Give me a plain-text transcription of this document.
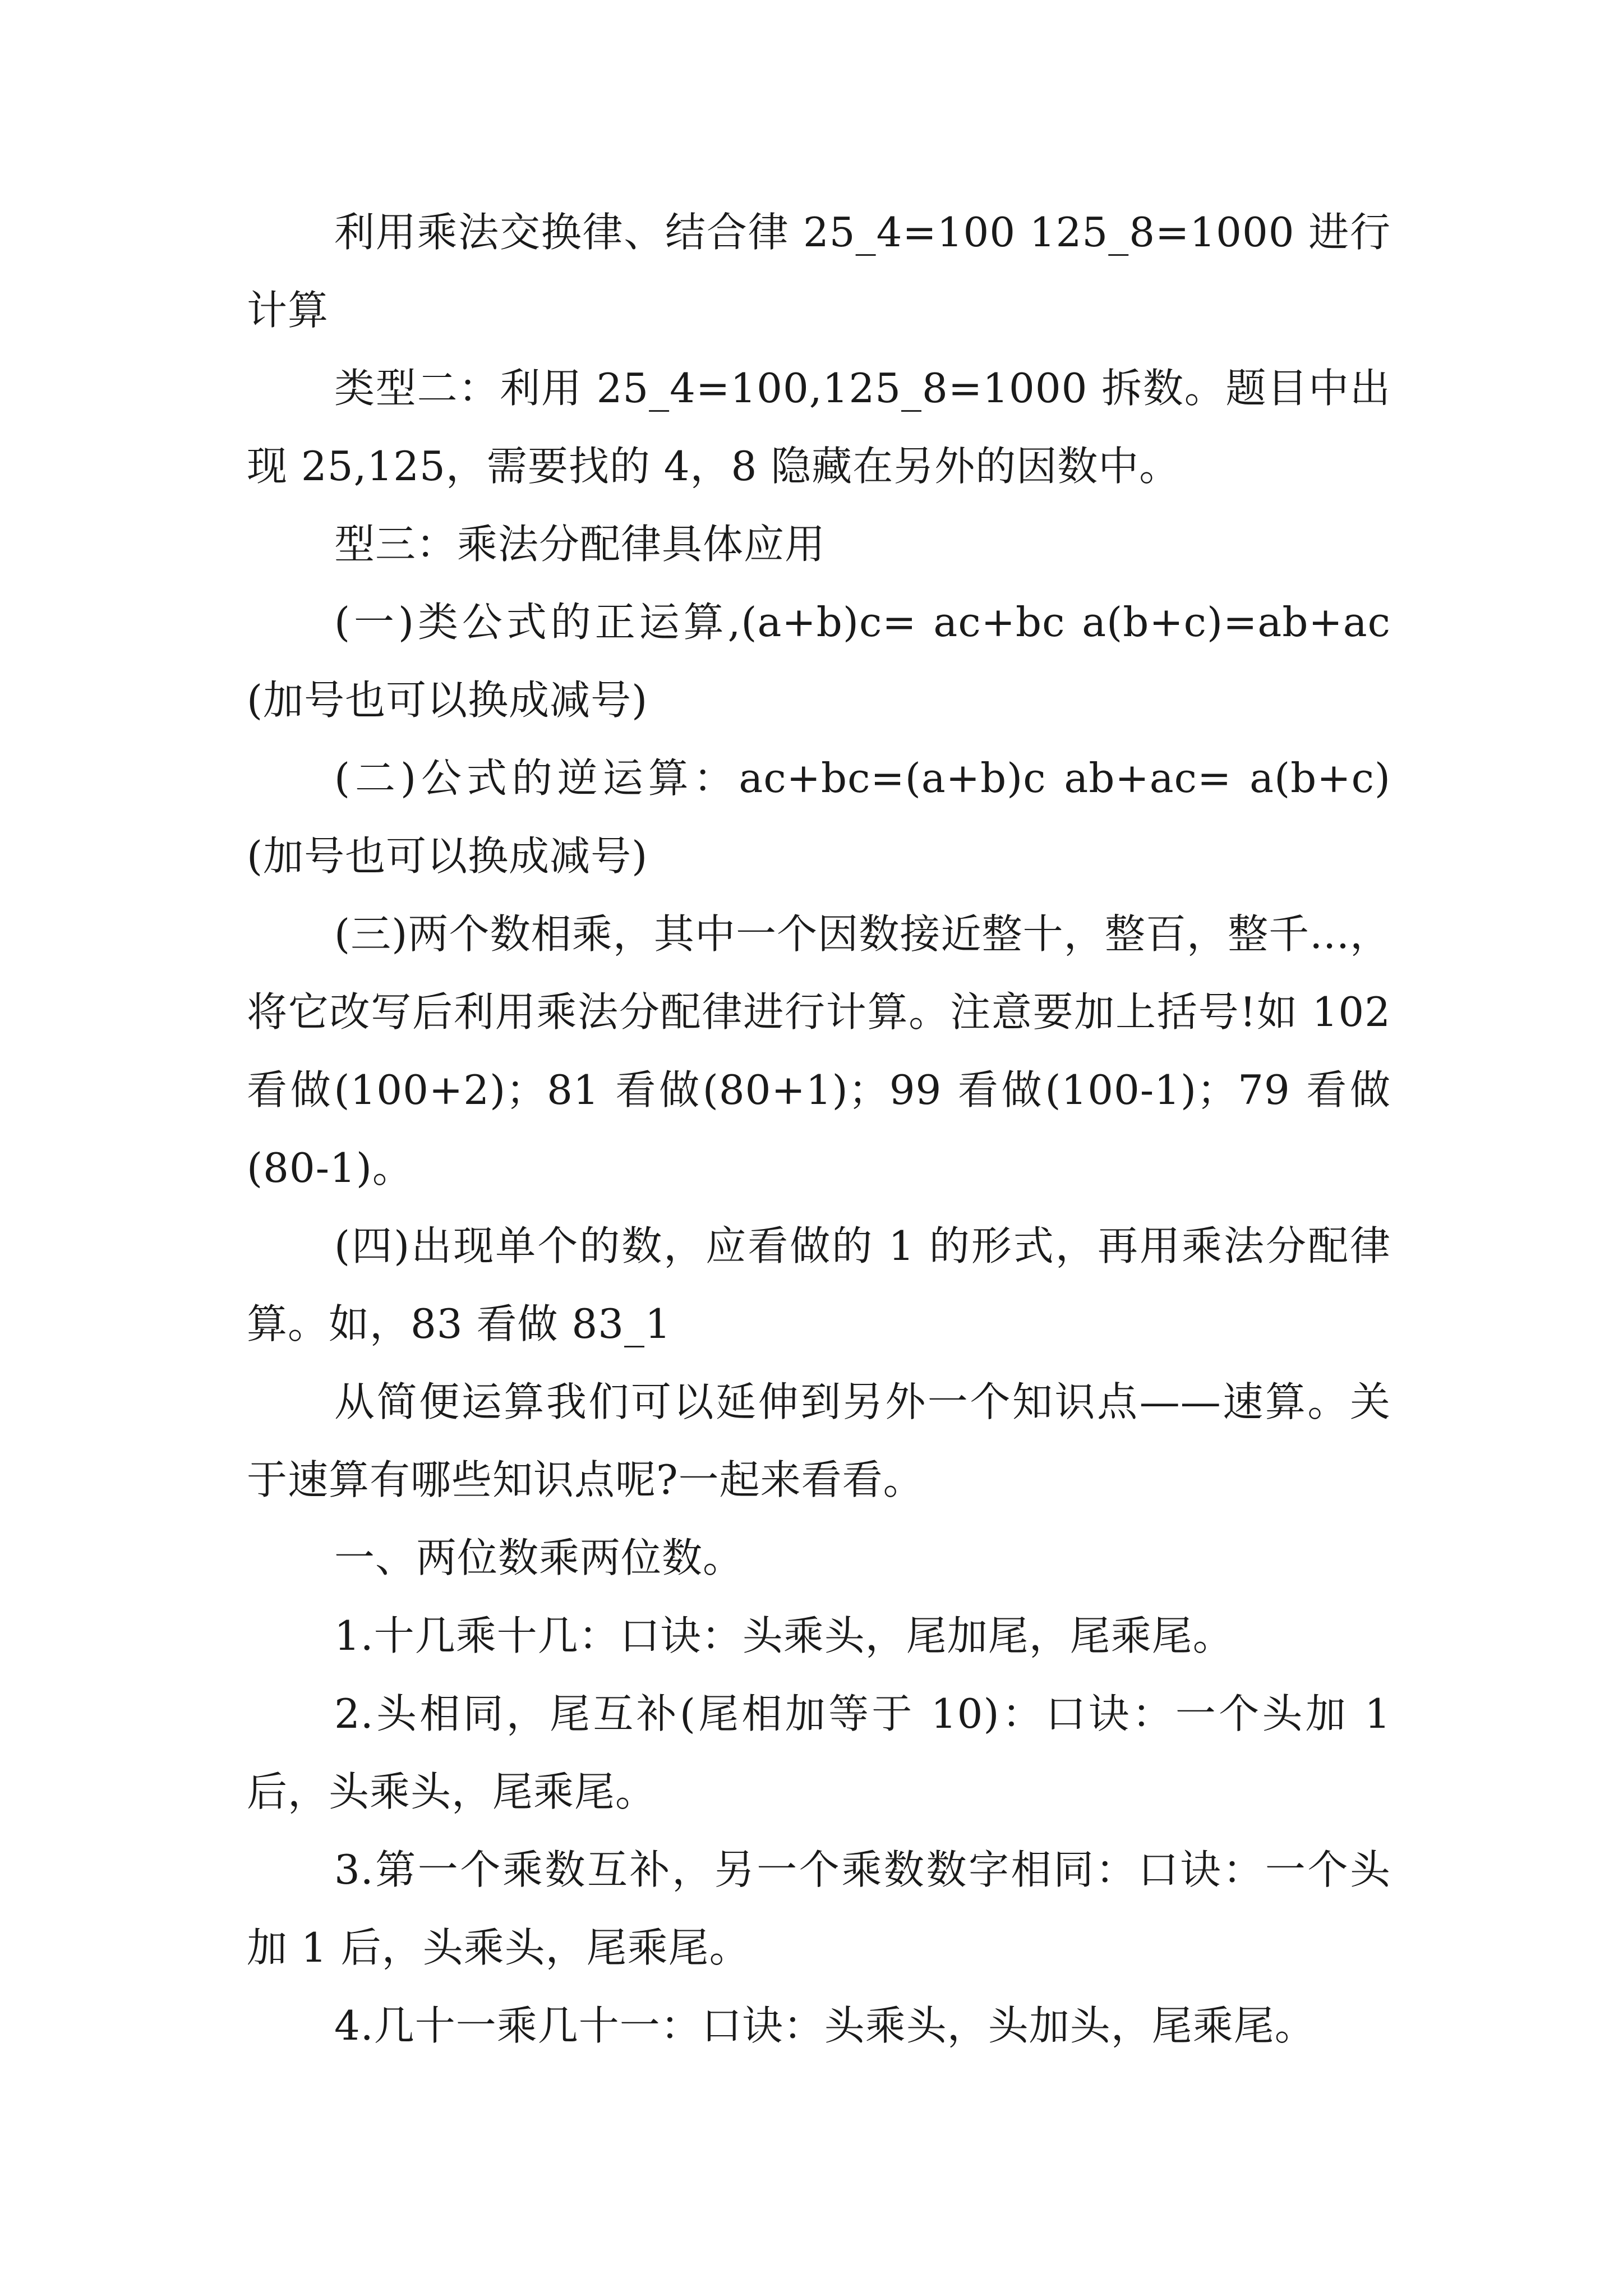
利用乘法交换律、结合律 25_4=100 125_8=1000 进行计算

类型二：利用 25_4=100,125_8=1000 拆数。题目中出现 25,125，需要找的 4，8 隐藏在另外的因数中。

型三：乘法分配律具体应用

(一)类公式的正运算,(a+b)c= ac+bc a(b+c)=ab+ac(加号也可以换成减号)

(二)公式的逆运算：ac+bc=(a+b)c ab+ac= a(b+c) (加号也可以换成减号)

(三)两个数相乘，其中一个因数接近整十，整百，整千...，将它改写后利用乘法分配律进行计算。注意要加上括号!如 102 看做(100+2)；81 看做(80+1)；99 看做(100-1)；79 看做(80-1)。

(四)出现单个的数，应看做的 1 的形式，再用乘法分配律算。如，83 看做 83_1

从简便运算我们可以延伸到另外一个知识点——速算。关于速算有哪些知识点呢?一起来看看。

一、两位数乘两位数。

1.十几乘十几：口诀：头乘头，尾加尾，尾乘尾。

2.头相同，尾互补(尾相加等于 10)：口诀：一个头加 1 后，头乘头，尾乘尾。

3.第一个乘数互补，另一个乘数数字相同：口诀：一个头加 1 后，头乘头，尾乘尾。

4.几十一乘几十一：口诀：头乘头，头加头，尾乘尾。
